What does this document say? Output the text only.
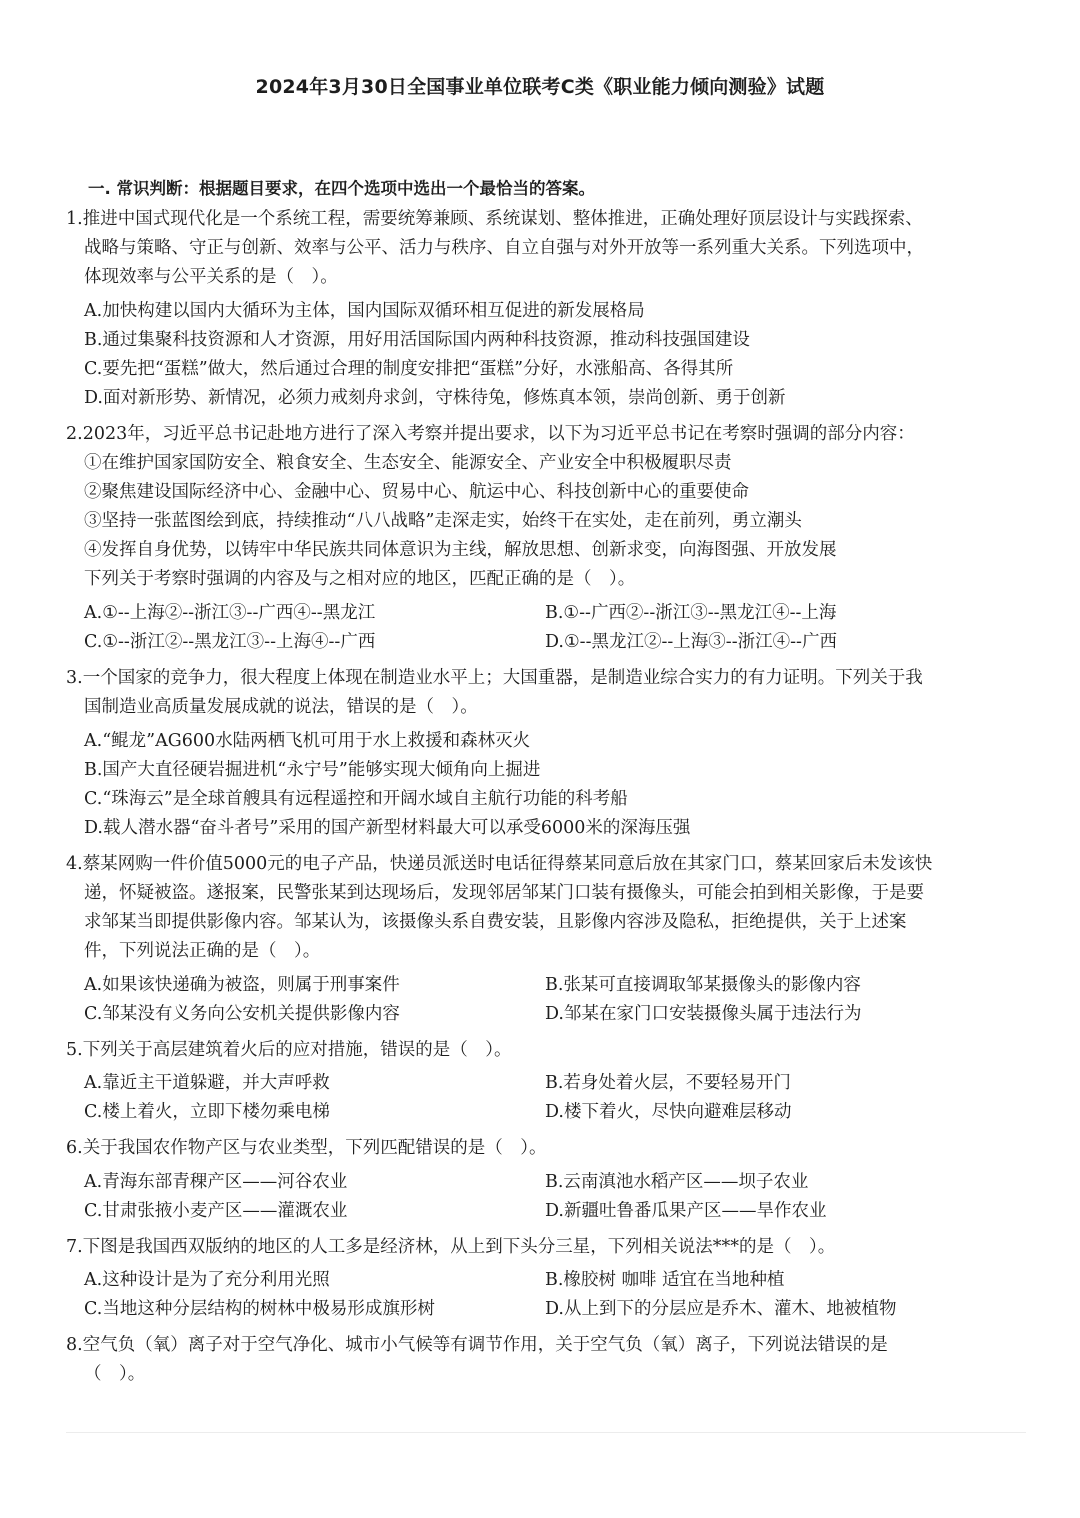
2024年3月30日全国事业单位联考C类《职业能力倾向测验》试题
一. 常识判断：根据题目要求，在四个选项中选出一个最恰当的答案。
1.推进中国式现代化是一个系统工程，需要统筹兼顾、系统谋划、整体推进，正确处理好顶层设计与实践探索、
战略与策略、守正与创新、效率与公平、活力与秩序、自立自强与对外开放等一系列重大关系。下列选项中，
体现效率与公平关系的是（　）。
A.加快构建以国内大循环为主体，国内国际双循环相互促进的新发展格局
B.通过集聚科技资源和人才资源，用好用活国际国内两种科技资源，推动科技强国建设
C.要先把“蛋糕”做大，然后通过合理的制度安排把“蛋糕”分好，水涨船高、各得其所
D.面对新形势、新情况，必须力戒刻舟求剑，守株待兔，修炼真本领，崇尚创新、勇于创新
2.2023年，习近平总书记赴地方进行了深入考察并提出要求，以下为习近平总书记在考察时强调的部分内容：
①在维护国家国防安全、粮食安全、生态安全、能源安全、产业安全中积极履职尽责
②聚焦建设国际经济中心、金融中心、贸易中心、航运中心、科技创新中心的重要使命
③坚持一张蓝图绘到底，持续推动“八八战略”走深走实，始终干在实处，走在前列，勇立潮头
④发挥自身优势，以铸牢中华民族共同体意识为主线，解放思想、创新求变，向海图强、开放发展
下列关于考察时强调的内容及与之相对应的地区，匹配正确的是（　）。
A.①--上海②--浙江③--广西④--黑龙江	B.①--广西②--浙江③--黑龙江④--上海
C.①--浙江②--黑龙江③--上海④--广西	D.①--黑龙江②--上海③--浙江④--广西
3.一个国家的竞争力，很大程度上体现在制造业水平上；大国重器，是制造业综合实力的有力证明。下列关于我
国制造业高质量发展成就的说法，错误的是（　）。
A.“鲲龙”AG600水陆两栖飞机可用于水上救援和森林灭火
B.国产大直径硬岩掘进机“永宁号”能够实现大倾角向上掘进
C.“珠海云”是全球首艘具有远程遥控和开阔水域自主航行功能的科考船
D.载人潜水器“奋斗者号”采用的国产新型材料最大可以承受6000米的深海压强
4.蔡某网购一件价值5000元的电子产品，快递员派送时电话征得蔡某同意后放在其家门口，蔡某回家后未发该快
递，怀疑被盗。遂报案，民警张某到达现场后，发现邻居邹某门口装有摄像头，可能会拍到相关影像，于是要
求邹某当即提供影像内容。邹某认为，该摄像头系自费安装，且影像内容涉及隐私，拒绝提供，关于上述案
件，下列说法正确的是（　）。
A.如果该快递确为被盗，则属于刑事案件	B.张某可直接调取邹某摄像头的影像内容
C.邹某没有义务向公安机关提供影像内容	D.邹某在家门口安装摄像头属于违法行为
5.下列关于高层建筑着火后的应对措施，错误的是（　）。
A.靠近主干道躲避，并大声呼救	B.若身处着火层，不要轻易开门
C.楼上着火，立即下楼勿乘电梯	D.楼下着火，尽快向避难层移动
6.关于我国农作物产区与农业类型，下列匹配错误的是（　）。
A.青海东部青稞产区——河谷农业	B.云南滇池水稻产区——坝子农业
C.甘肃张掖小麦产区——灌溉农业	D.新疆吐鲁番瓜果产区——旱作农业
7.下图是我国西双版纳的地区的人工多是经济林，从上到下头分三星，下列相关说法***的是（　）。
A.这种设计是为了充分利用光照	B.橡胶树 咖啡 适宜在当地种植
C.当地这种分层结构的树林中极易形成旗形树	D.从上到下的分层应是乔木、灌木、地被植物
8.空气负（氧）离子对于空气净化、城市小气候等有调节作用，关于空气负（氧）离子，下列说法错误的是
（　）。
